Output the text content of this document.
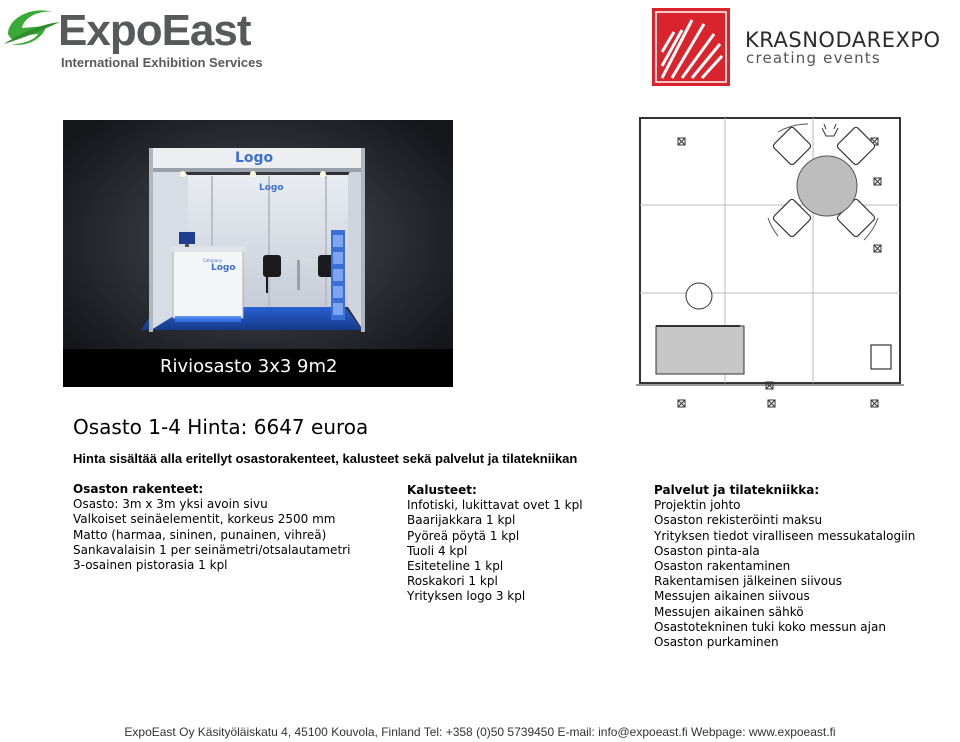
ExpoEast
International Exhibition Services
KRASNODAREXPO
creating events
Logo
Logo
Company
Logo
Riviosasto 3x3 9m2
Osasto 1-4 Hinta: 6647 euroa
Hinta sisältää alla eritellyt osastorakenteet, kalusteet sekä palvelut ja tilatekniikan
Osaston rakenteet:
Osasto: 3m x 3m yksi avoin sivu
Valkoiset seinäelementit, korkeus 2500 mm
Matto (harmaa, sininen, punainen, vihreä)
Sankavalaisin 1 per seinämetri/otsalautametri
3-osainen pistorasia 1 kpl
Kalusteet:
Infotiski, lukittavat ovet 1 kpl
Baarijakkara 1 kpl
Pyöreä pöytä 1 kpl
Tuoli 4 kpl
Esiteteline 1 kpl
Roskakori 1 kpl
Yrityksen logo 3 kpl
Palvelut ja tilatekniikka:
Projektin johto
Osaston rekisteröinti maksu
Yrityksen tiedot viralliseen messukatalogiin
Osaston pinta-ala
Osaston rakentaminen
Rakentamisen jälkeinen siivous
Messujen aikainen siivous
Messujen aikainen sähkö
Osastotekninen tuki koko messun ajan
Osaston purkaminen
ExpoEast Oy Käsityöläiskatu 4, 45100 Kouvola, Finland Tel: +358 (0)50 5739450 E-mail: info@expoeast.fi Webpage: www.expoeast.fi
